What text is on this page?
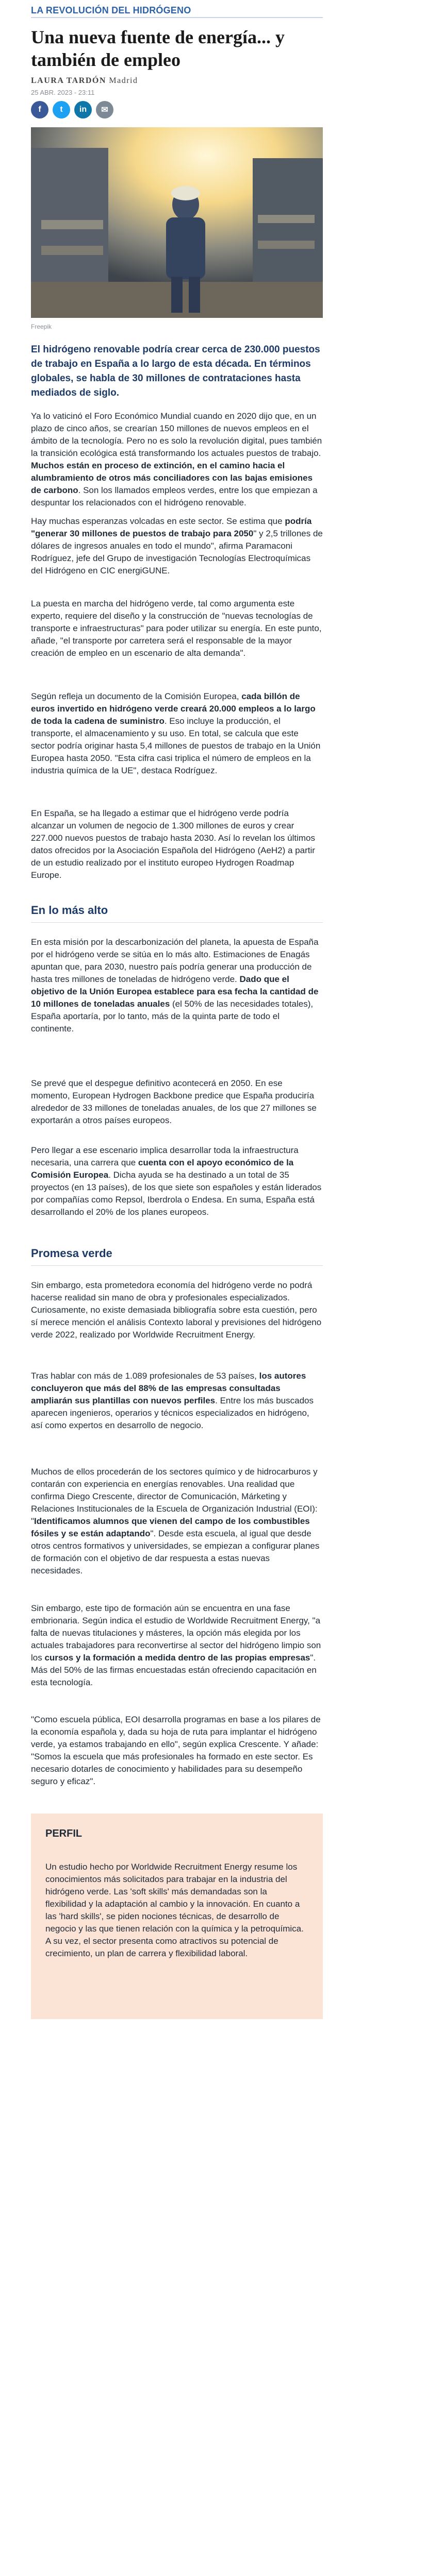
LA REVOLUCIÓN DEL HIDRÓGENO
Una nueva fuente de energía... y también de empleo
LAURA TARDÓN Madrid
25 ABR. 2023 - 23:11
f	t	in	✉
Freepik
El hidrógeno renovable podría crear cerca de 230.000 puestos de trabajo en España a lo largo de esta década. En términos globales, se habla de 30 millones de contrataciones hasta mediados de siglo.

Ya lo vaticinó el Foro Económico Mundial cuando en 2020 dijo que, en un plazo de cinco años, se crearían 150 millones de nuevos empleos en el ámbito de la tecnología. Pero no es solo la revolución digital, pues también la transición ecológica está transformando los actuales puestos de trabajo. Muchos están en proceso de extinción, en el camino hacia el alumbramiento de otros más conciliadores con las bajas emisiones de carbono. Son los llamados empleos verdes, entre los que empiezan a despuntar los relacionados con el hidrógeno renovable.

Hay muchas esperanzas volcadas en este sector. Se estima que podría "generar 30 millones de puestos de trabajo para 2050" y 2,5 trillones de dólares de ingresos anuales en todo el mundo", afirma Paramaconi Rodríguez, jefe del Grupo de investigación Tecnologías Electroquímicas del Hidrógeno en CIC energiGUNE.

La puesta en marcha del hidrógeno verde, tal como argumenta este experto, requiere del diseño y la construcción de "nuevas tecnologías de transporte e infraestructuras" para poder utilizar su energía. En este punto, añade, "el transporte por carretera será el responsable de la mayor creación de empleo en un escenario de alta demanda".

Según refleja un documento de la Comisión Europea, cada billón de euros invertido en hidrógeno verde creará 20.000 empleos a lo largo de toda la cadena de suministro. Eso incluye la producción, el transporte, el almacenamiento y su uso. En total, se calcula que este sector podría originar hasta 5,4 millones de puestos de trabajo en la Unión Europea hasta 2050. "Esta cifra casi triplica el número de empleos en la industria química de la UE", destaca Rodríguez.

En España, se ha llegado a estimar que el hidrógeno verde podría alcanzar un volumen de negocio de 1.300 millones de euros y crear 227.000 nuevos puestos de trabajo hasta 2030. Así lo revelan los últimos datos ofrecidos por la Asociación Española del Hidrógeno (AeH2) a partir de un estudio realizado por el instituto europeo Hydrogen Roadmap Europe.

En lo más alto

En esta misión por la descarbonización del planeta, la apuesta de España por el hidrógeno verde se sitúa en lo más alto. Estimaciones de Enagás apuntan que, para 2030, nuestro país podría generar una producción de hasta tres millones de toneladas de hidrógeno verde. Dado que el objetivo de la Unión Europea establece para esa fecha la cantidad de 10 millones de toneladas anuales (el 50% de las necesidades totales), España aportaría, por lo tanto, más de la quinta parte de todo el continente.

Se prevé que el despegue definitivo acontecerá en 2050. En ese momento, European Hydrogen Backbone predice que España produciría alrededor de 33 millones de toneladas anuales, de los que 27 millones se exportarán a otros países europeos.

Pero llegar a ese escenario implica desarrollar toda la infraestructura necesaria, una carrera que cuenta con el apoyo económico de la Comisión Europea. Dicha ayuda se ha destinado a un total de 35 proyectos (en 13 países), de los que siete son españoles y están liderados por compañías como Repsol, Iberdrola o Endesa. En suma, España está desarrollando el 20% de los planes europeos.

Promesa verde

Sin embargo, esta prometedora economía del hidrógeno verde no podrá hacerse realidad sin mano de obra y profesionales especializados. Curiosamente, no existe demasiada bibliografía sobre esta cuestión, pero sí merece mención el análisis Contexto laboral y previsiones del hidrógeno verde 2022, realizado por Worldwide Recruitment Energy.

Tras hablar con más de 1.089 profesionales de 53 países, los autores concluyeron que más del 88% de las empresas consultadas ampliarán sus plantillas con nuevos perfiles. Entre los más buscados aparecen ingenieros, operarios y técnicos especializados en hidrógeno, así como expertos en desarrollo de negocio.

Muchos de ellos procederán de los sectores químico y de hidrocarburos y contarán con experiencia en energías renovables. Una realidad que confirma Diego Crescente, director de Comunicación, Márketing y Relaciones Institucionales de la Escuela de Organización Industrial (EOI): "Identificamos alumnos que vienen del campo de los combustibles fósiles y se están adaptando". Desde esta escuela, al igual que desde otros centros formativos y universidades, se empiezan a configurar planes de formación con el objetivo de dar respuesta a estas nuevas necesidades.

Sin embargo, este tipo de formación aún se encuentra en una fase embrionaria. Según indica el estudio de Worldwide Recruitment Energy, "a falta de nuevas titulaciones y másteres, la opción más elegida por los actuales trabajadores para reconvertirse al sector del hidrógeno limpio son los cursos y la formación a medida dentro de las propias empresas". Más del 50% de las firmas encuestadas están ofreciendo capacitación en esta tecnología.

"Como escuela pública, EOI desarrolla programas en base a los pilares de la economía española y, dada su hoja de ruta para implantar el hidrógeno verde, ya estamos trabajando en ello", según explica Crescente. Y añade: "Somos la escuela que más profesionales ha formado en este sector. Es necesario dotarles de conocimiento y habilidades para su desempeño seguro y eficaz".

PERFIL

Un estudio hecho por Worldwide Recruitment Energy resume los conocimientos más solicitados para trabajar en la industria del hidrógeno verde. Las 'soft skills' más demandadas son la flexibilidad y la adaptación al cambio y la innovación. En cuanto a las 'hard skills', se piden nociones técnicas, de desarrollo de negocio y las que tienen relación con la química y la petroquímica. A su vez, el sector presenta como atractivos su potencial de crecimiento, un plan de carrera y flexibilidad laboral.
